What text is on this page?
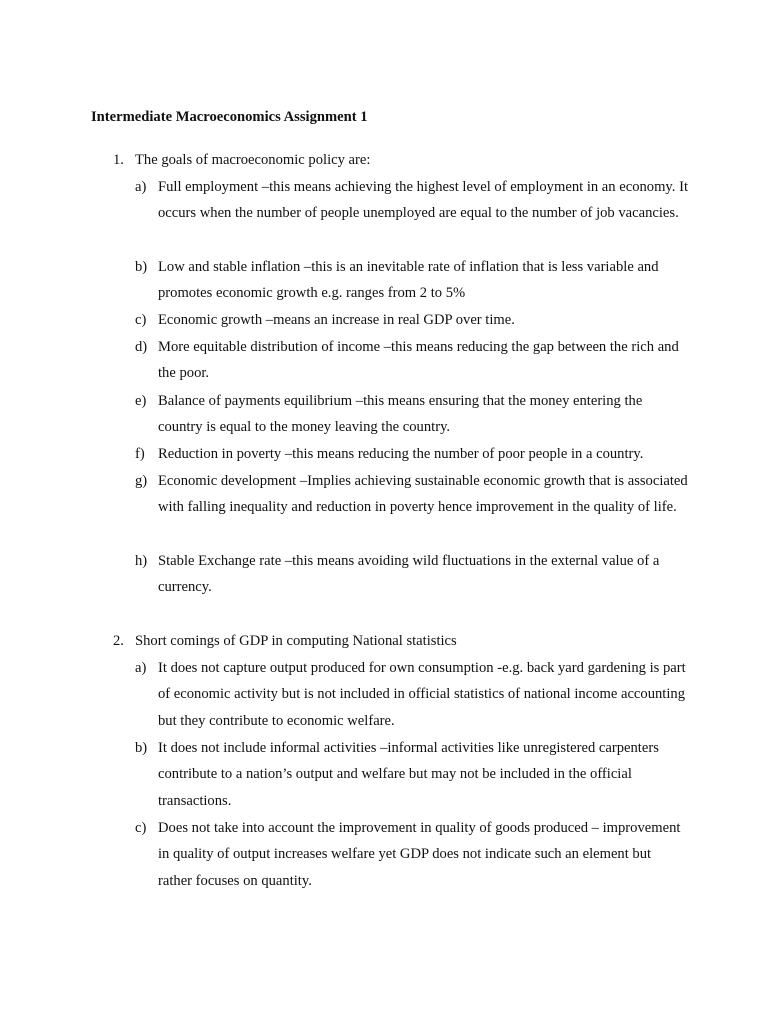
Intermediate Macroeconomics Assignment 1
1. The goals of macroeconomic policy are:
a) Full employment –this means achieving the highest level of employment in an economy. It occurs when the number of people unemployed are equal to the number of job vacancies.
b) Low and stable inflation –this is an inevitable rate of inflation that is less variable and promotes economic growth e.g. ranges from 2 to 5%
c) Economic growth –means an increase in real GDP over time.
d) More equitable distribution of income –this means reducing the gap between the rich and the poor.
e) Balance of payments equilibrium –this means ensuring that the money entering the country is equal to the money leaving the country.
f) Reduction in poverty –this means reducing the number of poor people in a country.
g) Economic development –Implies achieving sustainable economic growth that is associated with falling inequality and reduction in poverty hence improvement in the quality of life.
h) Stable Exchange rate –this means avoiding wild fluctuations in the external value of a currency.
2. Short comings of GDP in computing National statistics
a) It does not capture output produced for own consumption -e.g. back yard gardening is part of economic activity but is not included in official statistics of national income accounting but they contribute to economic welfare.
b) It does not include informal activities –informal activities like unregistered carpenters contribute to a nation’s output and welfare but may not be included in the official transactions.
c) Does not take into account the improvement in quality of goods produced – improvement in quality of output increases welfare yet GDP does not indicate such an element but rather focuses on quantity.
